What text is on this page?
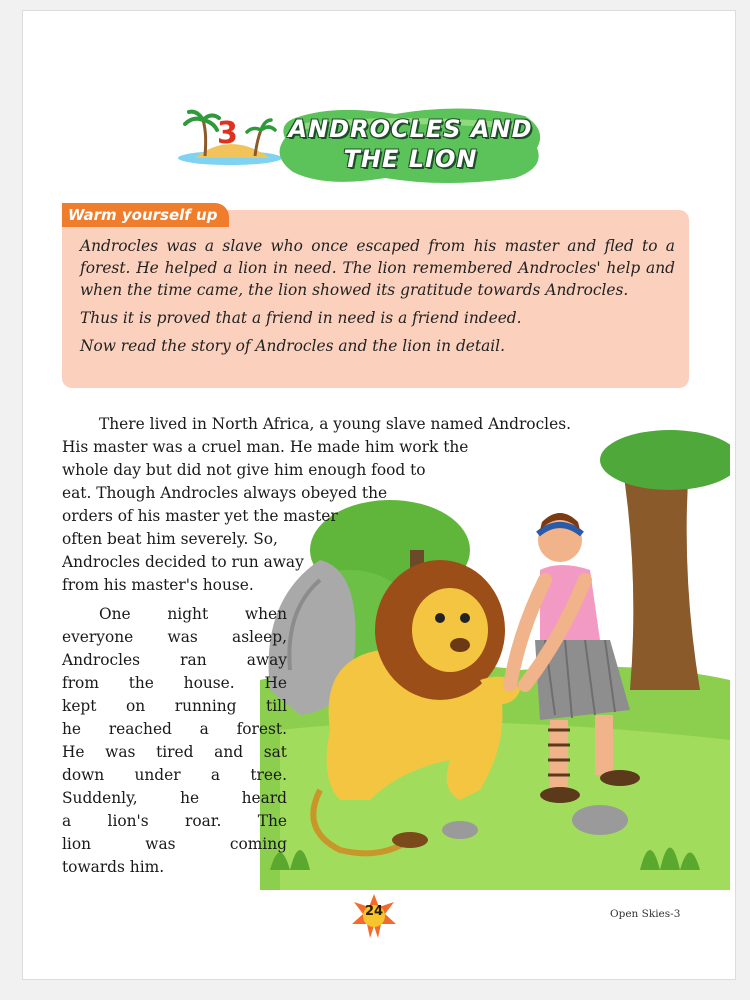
3 ANDROCLES AND
THE LION
Warm yourself up

Androcles was a slave who once escaped from his master and fled to a forest. He helped a lion in need. The lion remembered Androcles' help and when the time came, the lion showed its gratitude towards Androcles.

Thus it is proved that a friend in need is a friend indeed.

Now read the story of Androcles and the lion in detail.

There lived in North Africa, a young slave named Androcles.
His master was a cruel man. He made him work the
whole day but did not give him enough food to
eat. Though Androcles always obeyed the
orders of his master yet the master
often beat him severely. So,
Androcles decided to run away
from his master's house.

One night when
everyone was asleep,
Androcles ran away
from the house. He
kept on running till
he reached a forest.
He was tired and sat
down under a tree.
Suddenly, he heard
a lion's roar. The
lion was coming
towards him.

24	Open Skies-3
